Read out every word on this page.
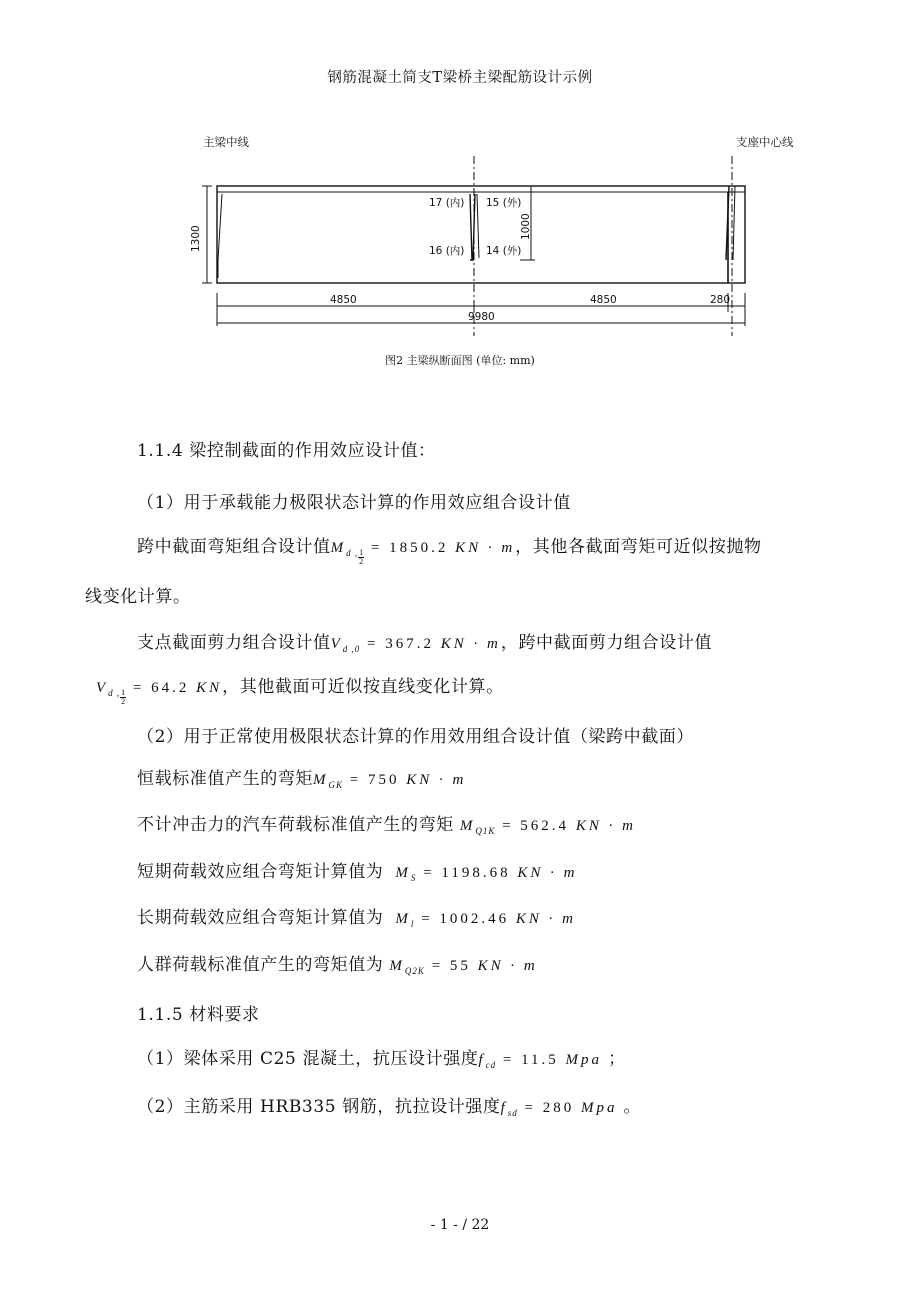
钢筋混凝土简支T梁桥主梁配筋设计示例
主梁中线	支座中心线
17 (内) 15 (外)
16 (内) 14 (外)
1000
1300
4850	4850	280
9980
图2 主梁纵断面图 (单位: mm)
1.1.4 梁控制截面的作用效应设计值：
（1）用于承载能力极限状态计算的作用效应组合设计值
跨中截面弯矩组合设计值$M_{d ,} \frac{1}{2}$
= 1850.2 KN · m，其他各截面弯矩可近似按抛物
线变化计算。
支点截面剪力组合设计值$V_{d ,0} = 367.2$ KN · m，跨中截面剪力组合设计值
$V_{d ,} \frac{1}{2}$
= 64.2 KN，其他截面可近似按直线变化计算。
（2）用于正常使用极限状态计算的作用效用组合设计值（梁跨中截面）
恒载标准值产生的弯矩$M_{GK} = 750$ KN · m
不计冲击力的汽车荷载标准值产生的弯矩 $M_{Q1K} = 562.4$ KN · m
短期荷载效应组合弯矩计算值为 $M_S = 1198.68$ KN · m
长期荷载效应组合弯矩计算值为 $M_l = 1002.46$ KN · m
人群荷载标准值产生的弯矩值为 $M_{Q2K} = 55$ KN · m
1.1.5 材料要求
（1）梁体采用 C25 混凝土，抗压设计强度$f_{cd} = 11.5$ Mpa ；
（2）主筋采用 HRB335 钢筋，抗拉设计强度$f_{sd} = 280$ Mpa 。
- 1 - / 22
